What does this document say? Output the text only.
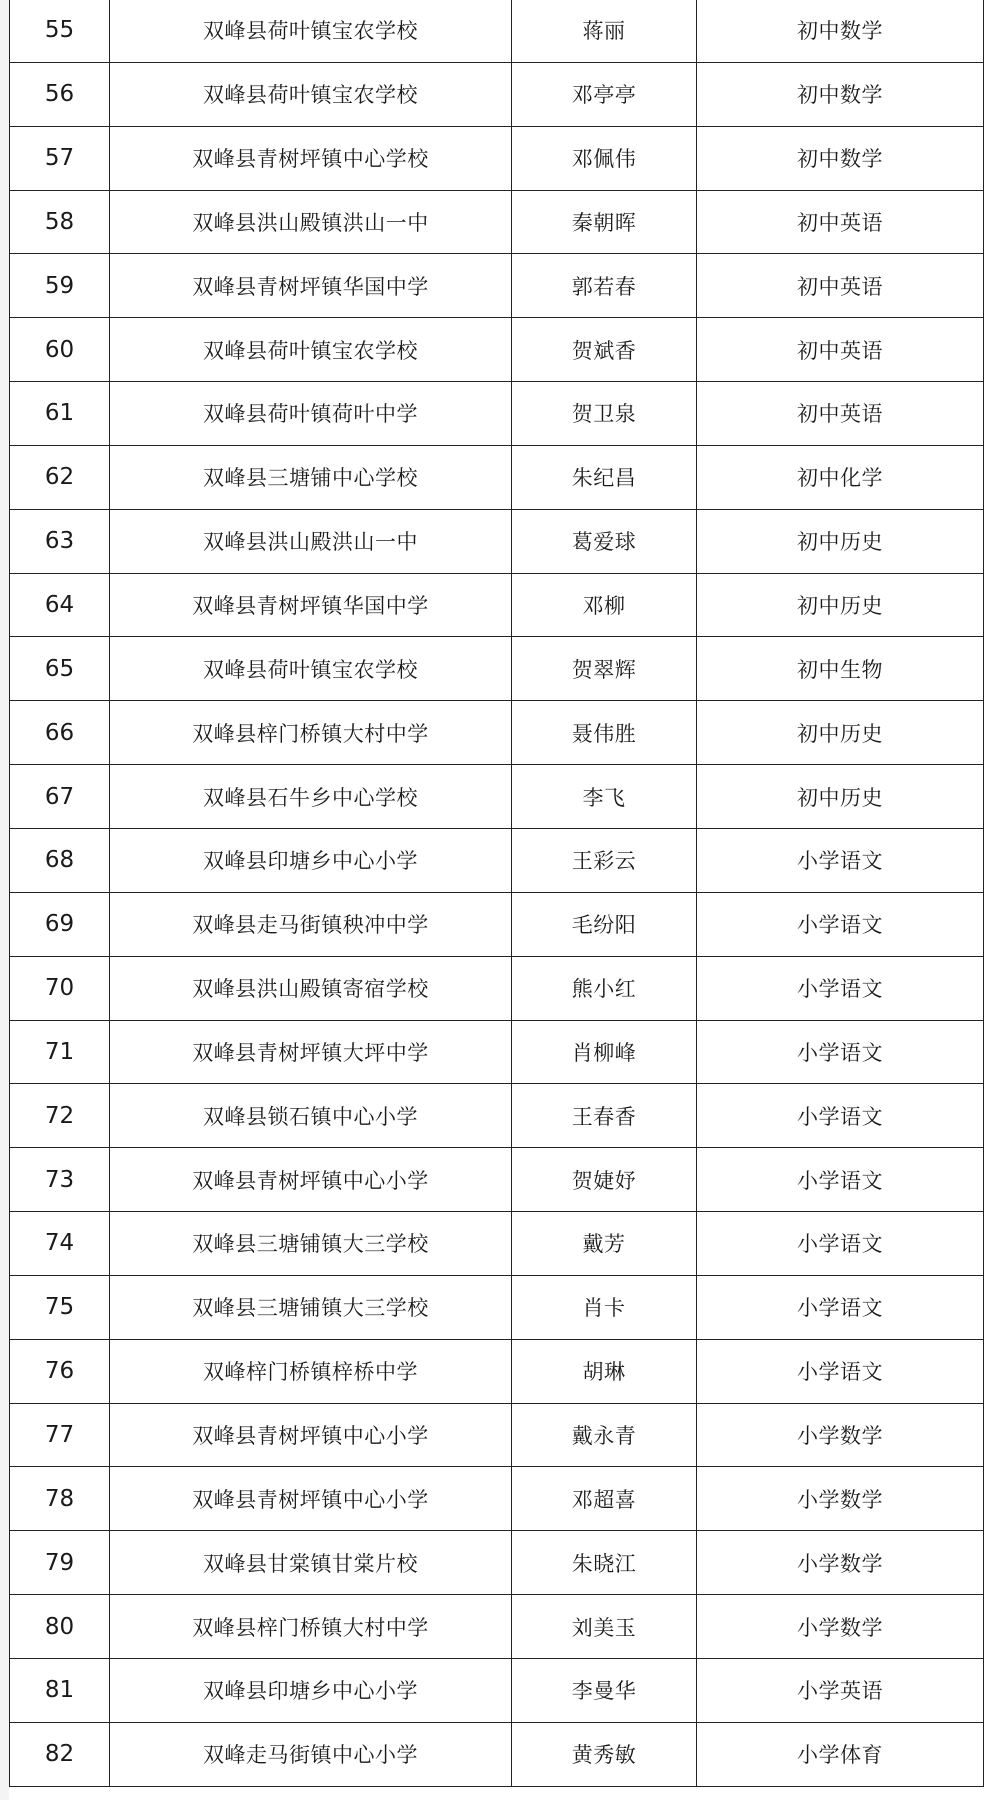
55	双峰县荷叶镇宝农学校	蒋丽	初中数学
56	双峰县荷叶镇宝农学校	邓亭亭	初中数学
57	双峰县青树坪镇中心学校	邓佩伟	初中数学
58	双峰县洪山殿镇洪山一中	秦朝晖	初中英语
59	双峰县青树坪镇华国中学	郭若春	初中英语
60	双峰县荷叶镇宝农学校	贺斌香	初中英语
61	双峰县荷叶镇荷叶中学	贺卫泉	初中英语
62	双峰县三塘铺中心学校	朱纪昌	初中化学
63	双峰县洪山殿洪山一中	葛爱球	初中历史
64	双峰县青树坪镇华国中学	邓柳	初中历史
65	双峰县荷叶镇宝农学校	贺翠辉	初中生物
66	双峰县梓门桥镇大村中学	聂伟胜	初中历史
67	双峰县石牛乡中心学校	李飞	初中历史
68	双峰县印塘乡中心小学	王彩云	小学语文
69	双峰县走马街镇秧冲中学	毛纷阳	小学语文
70	双峰县洪山殿镇寄宿学校	熊小红	小学语文
71	双峰县青树坪镇大坪中学	肖柳峰	小学语文
72	双峰县锁石镇中心小学	王春香	小学语文
73	双峰县青树坪镇中心小学	贺婕妤	小学语文
74	双峰县三塘铺镇大三学校	戴芳	小学语文
75	双峰县三塘铺镇大三学校	肖卡	小学语文
76	双峰梓门桥镇梓桥中学	胡琳	小学语文
77	双峰县青树坪镇中心小学	戴永青	小学数学
78	双峰县青树坪镇中心小学	邓超喜	小学数学
79	双峰县甘棠镇甘棠片校	朱晓江	小学数学
80	双峰县梓门桥镇大村中学	刘美玉	小学数学
81	双峰县印塘乡中心小学	李曼华	小学英语
82	双峰走马街镇中心小学	黄秀敏	小学体育
